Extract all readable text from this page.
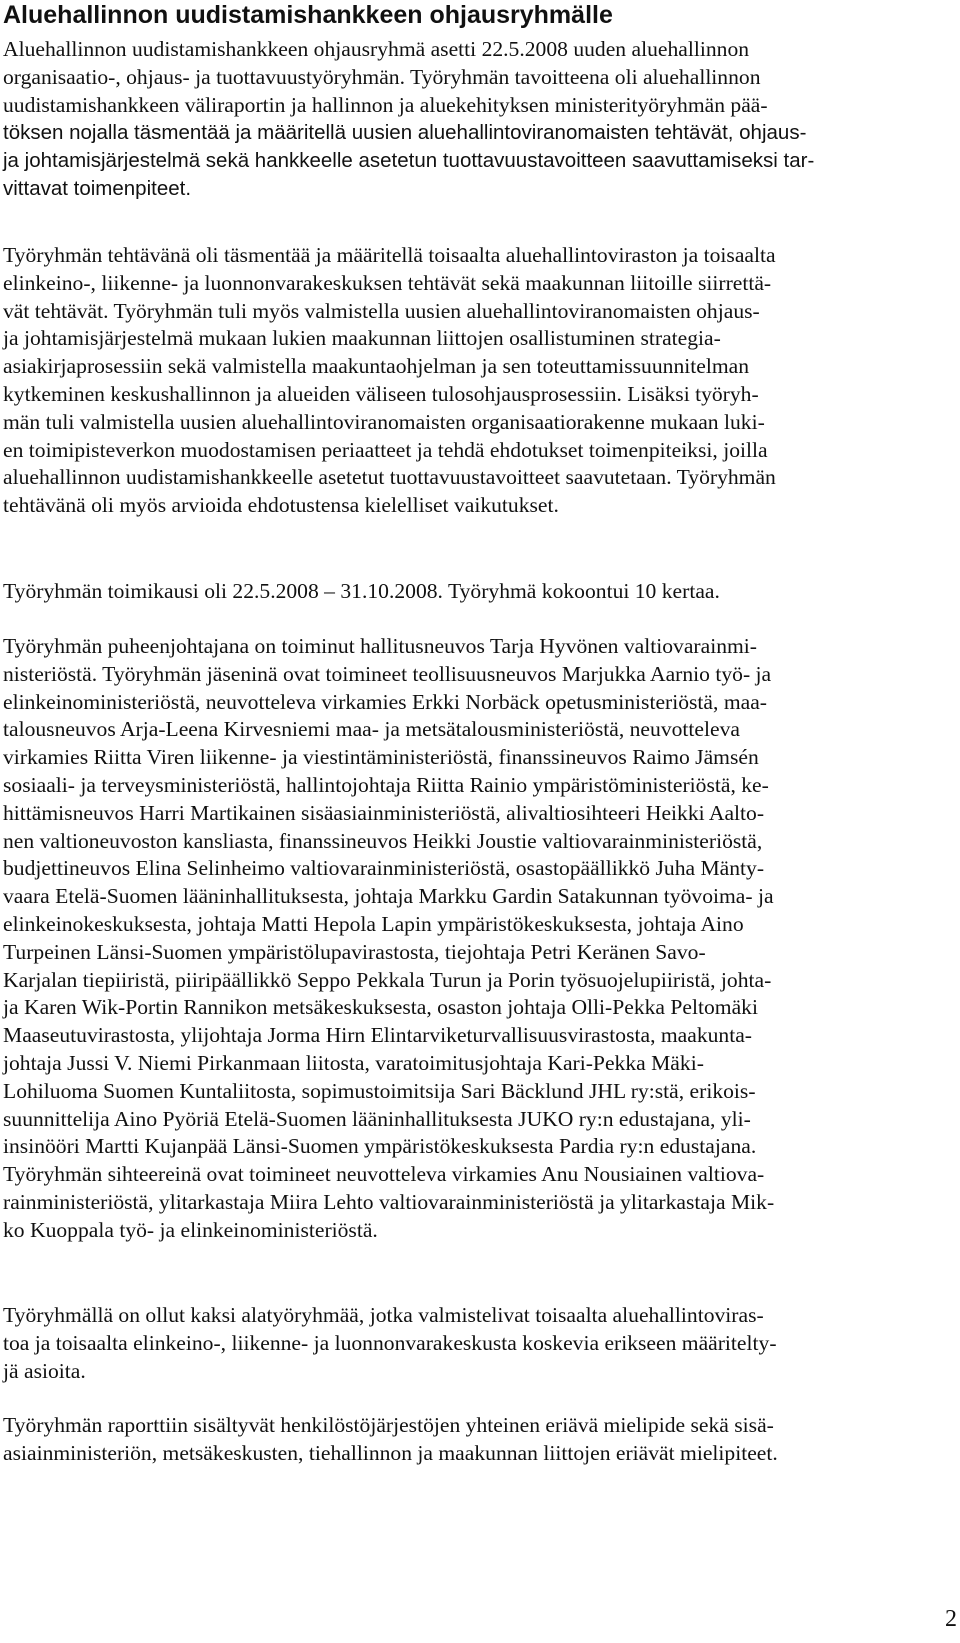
Aluehallinnon uudistamishankkeen ohjausryhmälle
Aluehallinnon uudistamishankkeen ohjausryhmä asetti 22.5.2008 uuden aluehallinnon
organisaatio-, ohjaus- ja tuottavuustyöryhmän. Työryhmän tavoitteena oli aluehallinnon
uudistamishankkeen väliraportin ja hallinnon ja aluekehityksen ministerityöryhmän pää-
töksen nojalla täsmentää ja määritellä uusien aluehallintoviranomaisten tehtävät, ohjaus-
ja johtamisjärjestelmä sekä hankkeelle asetetun tuottavuustavoitteen saavuttamiseksi tar-
vittavat toimenpiteet.
Työryhmän tehtävänä oli täsmentää ja määritellä toisaalta aluehallintoviraston ja toisaalta
elinkeino-, liikenne- ja luonnonvarakeskuksen tehtävät sekä maakunnan liitoille siirrettä-
vät tehtävät. Työryhmän tuli myös valmistella uusien aluehallintoviranomaisten ohjaus-
ja johtamisjärjestelmä mukaan lukien maakunnan liittojen osallistuminen strategia-
asiakirjaprosessiin sekä valmistella maakuntaohjelman ja sen toteuttamissuunnitelman
kytkeminen keskushallinnon ja alueiden väliseen tulosohjausprosessiin. Lisäksi työryh-
män tuli valmistella uusien aluehallintoviranomaisten organisaatiorakenne mukaan luki-
en toimipisteverkon muodostamisen periaatteet ja tehdä ehdotukset toimenpiteiksi, joilla
aluehallinnon uudistamishankkeelle asetetut tuottavuustavoitteet saavutetaan. Työryhmän
tehtävänä oli myös arvioida ehdotustensa kielelliset vaikutukset.
Työryhmän toimikausi oli 22.5.2008 – 31.10.2008. Työryhmä kokoontui 10 kertaa.
Työryhmän puheenjohtajana on toiminut hallitusneuvos Tarja Hyvönen valtiovarainmi-
nisteriöstä. Työryhmän jäseninä ovat toimineet teollisuusneuvos Marjukka Aarnio työ- ja
elinkeinoministeriöstä, neuvotteleva virkamies Erkki Norbäck opetusministeriöstä, maa-
talousneuvos Arja-Leena Kirvesniemi maa- ja metsätalousministeriöstä, neuvotteleva
virkamies Riitta Viren liikenne- ja viestintäministeriöstä, finanssineuvos Raimo Jämsén
sosiaali- ja terveysministeriöstä, hallintojohtaja Riitta Rainio ympäristöministeriöstä, ke-
hittämisneuvos Harri Martikainen sisäasiainministeriöstä, alivaltiosihteeri Heikki Aalto-
nen valtioneuvoston kansliasta, finanssineuvos Heikki Joustie valtiovarainministeriöstä,
budjettineuvos Elina Selinheimo valtiovarainministeriöstä, osastopäällikkö Juha Mänty-
vaara Etelä-Suomen lääninhallituksesta, johtaja Markku Gardin Satakunnan työvoima- ja
elinkeinokeskuksesta, johtaja Matti Hepola Lapin ympäristökeskuksesta, johtaja Aino
Turpeinen Länsi-Suomen ympäristölupavirastosta, tiejohtaja Petri Keränen Savo-
Karjalan tiepiiristä, piiripäällikkö Seppo Pekkala Turun ja Porin työsuojelupiiristä, johta-
ja Karen Wik-Portin Rannikon metsäkeskuksesta, osaston johtaja Olli-Pekka Peltomäki
Maaseutuvirastosta, ylijohtaja Jorma Hirn Elintarviketurvallisuusvirastosta, maakunta-
johtaja Jussi V. Niemi Pirkanmaan liitosta, varatoimitusjohtaja Kari-Pekka Mäki-
Lohiluoma Suomen Kuntaliitosta, sopimustoimitsija Sari Bäcklund JHL ry:stä, erikois-
suunnittelija Aino Pyöriä Etelä-Suomen lääninhallituksesta JUKO ry:n edustajana, yli-
insinööri Martti Kujanpää Länsi-Suomen ympäristökeskuksesta Pardia ry:n edustajana.
Työryhmän sihteereinä ovat toimineet neuvotteleva virkamies Anu Nousiainen valtiova-
rainministeriöstä, ylitarkastaja Miira Lehto valtiovarainministeriöstä ja ylitarkastaja Mik-
ko Kuoppala työ- ja elinkeinoministeriöstä.
Työryhmällä on ollut kaksi alatyöryhmää, jotka valmistelivat toisaalta aluehallintoviras-
toa ja toisaalta elinkeino-, liikenne- ja luonnonvarakeskusta koskevia erikseen määritelty-
jä asioita.
Työryhmän raporttiin sisältyvät henkilöstöjärjestöjen yhteinen eriävä mielipide sekä sisä-
asiainministeriön, metsäkeskusten, tiehallinnon ja maakunnan liittojen eriävät mielipiteet.
2
